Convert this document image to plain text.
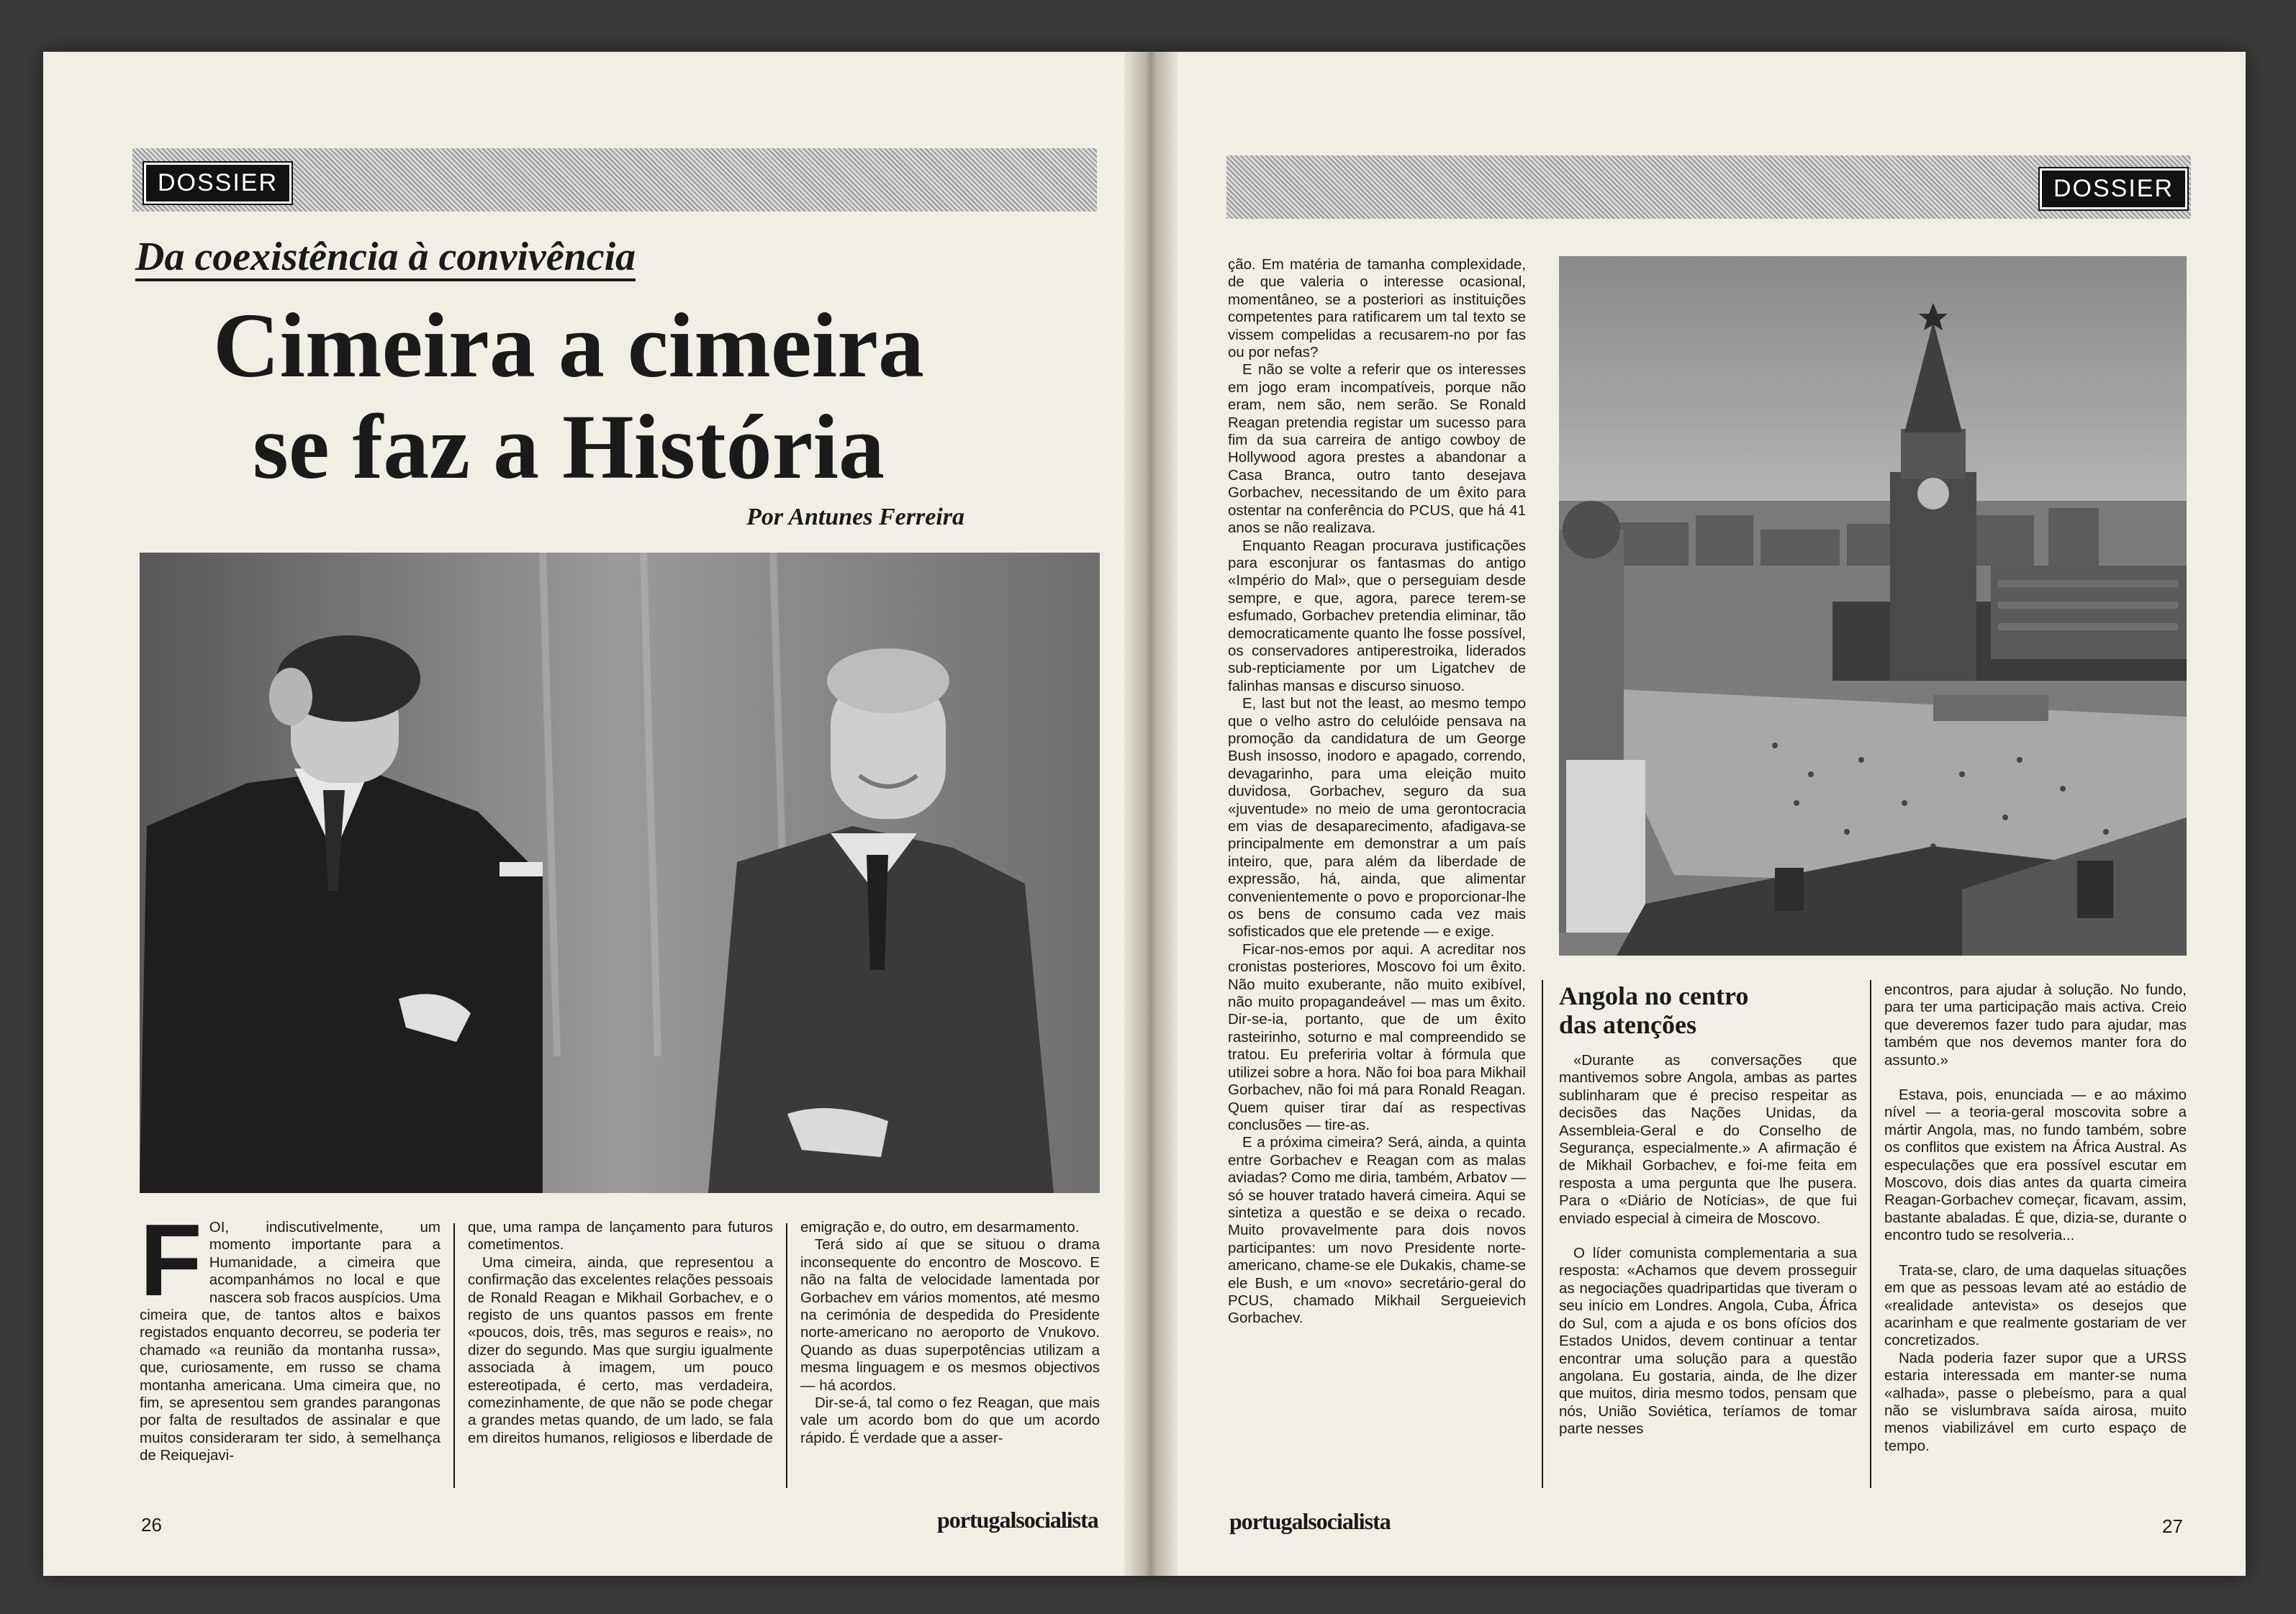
DOSSIER
Da coexistência à convivência
Cimeira a cimeira
se faz a História
Por Antunes Ferreira

FOI, indiscutivelmente, um momento importante para a Humanidade, a cimeira que acompanhámos no local e que nascera sob fracos auspícios. Uma cimeira que, de tantos altos e baixos registados enquanto decorreu, se poderia ter chamado «a reunião da montanha russa», que, curiosamente, em russo se chama montanha americana. Uma cimeira que, no fim, se apresentou sem grandes parangonas por falta de resultados de assinalar e que muitos consideraram ter sido, à semelhança de Reiquejavi-

que, uma rampa de lançamento para futuros cometimentos.

Uma cimeira, ainda, que representou a confirmação das excelentes relações pessoais de Ronald Reagan e Mikhail Gorbachev, e o registo de uns quantos passos em frente «poucos, dois, três, mas seguros e reais», no dizer do segundo. Mas que surgiu igualmente associada à imagem, um pouco estereotipada, é certo, mas verdadeira, comezinhamente, de que não se pode chegar a grandes metas quando, de um lado, se fala em direitos humanos, religiosos e liberdade de

emigração e, do outro, em desarmamento.

Terá sido aí que se situou o drama inconsequente do encontro de Moscovo. E não na falta de velocidade lamentada por Gorbachev em vários momentos, até mesmo na cerimónia de despedida do Presidente norte-americano no aeroporto de Vnukovo. Quando as duas superpotências utilizam a mesma linguagem e os mesmos objectivos — há acordos.

Dir-se-á, tal como o fez Reagan, que mais vale um acordo bom do que um acordo rápido. É verdade que a asser-

26	portugalsocialista
DOSSIER

ção. Em matéria de tamanha complexidade, de que valeria o interesse ocasional, momentâneo, se a posteriori as instituições competentes para ratificarem um tal texto se vissem compelidas a recusarem-no por fas ou por nefas?

E não se volte a referir que os interesses em jogo eram incompatíveis, porque não eram, nem são, nem serão. Se Ronald Reagan pretendia registar um sucesso para fim da sua carreira de antigo cowboy de Hollywood agora prestes a abandonar a Casa Branca, outro tanto desejava Gorbachev, necessitando de um êxito para ostentar na conferência do PCUS, que há 41 anos se não realizava.

Enquanto Reagan procurava justificações para esconjurar os fantasmas do antigo «Império do Mal», que o perseguiam desde sempre, e que, agora, parece terem-se esfumado, Gorbachev pretendia eliminar, tão democraticamente quanto lhe fosse possível, os conservadores antiperestroika, liderados sub-repticiamente por um Ligatchev de falinhas mansas e discurso sinuoso.

E, last but not the least, ao mesmo tempo que o velho astro do celulóide pensava na promoção da candidatura de um George Bush insosso, inodoro e apagado, correndo, devagarinho, para uma eleição muito duvidosa, Gorbachev, seguro da sua «juventude» no meio de uma gerontocracia em vias de desaparecimento, afadigava-se principalmente em demonstrar a um país inteiro, que, para além da liberdade de expressão, há, ainda, que alimentar convenientemente o povo e proporcionar-lhe os bens de consumo cada vez mais sofisticados que ele pretende — e exige.

Ficar-nos-emos por aqui. A acreditar nos cronistas posteriores, Moscovo foi um êxito. Não muito exuberante, não muito exibível, não muito propagandeável — mas um êxito. Dir-se-ia, portanto, que de um êxito rasteirinho, soturno e mal compreendido se tratou. Eu preferiria voltar à fórmula que utilizei sobre a hora. Não foi boa para Mikhail Gorbachev, não foi má para Ronald Reagan. Quem quiser tirar daí as respectivas conclusões — tire-as.

E a próxima cimeira? Será, ainda, a quinta entre Gorbachev e Reagan com as malas aviadas? Como me diria, também, Arbatov — só se houver tratado haverá cimeira. Aqui se sintetiza a questão e se deixa o recado. Muito provavelmente para dois novos participantes: um novo Presidente norte-americano, chame-se ele Dukakis, chame-se ele Bush, e um «novo» secretário-geral do PCUS, chamado Mikhail Sergueievich Gorbachev.

Angola no centro
das atenções

«Durante as conversações que mantivemos sobre Angola, ambas as partes sublinharam que é preciso respeitar as decisões das Nações Unidas, da Assembleia-Geral e do Conselho de Segurança, especialmente.» A afirmação é de Mikhail Gorbachev, e foi-me feita em resposta a uma pergunta que lhe pusera. Para o «Diário de Notícias», de que fui enviado especial à cimeira de Moscovo.

O líder comunista complementaria a sua resposta: «Achamos que devem prosseguir as negociações quadripartidas que tiveram o seu início em Londres. Angola, Cuba, África do Sul, com a ajuda e os bons ofícios dos Estados Unidos, devem continuar a tentar encontrar uma solução para a questão angolana. Eu gostaria, ainda, de lhe dizer que muitos, diria mesmo todos, pensam que nós, União Soviética, teríamos de tomar parte nesses

encontros, para ajudar à solução. No fundo, para ter uma participação mais activa. Creio que deveremos fazer tudo para ajudar, mas também que nos devemos manter fora do assunto.»

Estava, pois, enunciada — e ao máximo nível — a teoria-geral moscovita sobre a mártir Angola, mas, no fundo também, sobre os conflitos que existem na África Austral. As especulações que era possível escutar em Moscovo, dois dias antes da quarta cimeira Reagan-Gorbachev começar, ficavam, assim, bastante abaladas. É que, dizia-se, durante o encontro tudo se resolveria...

Trata-se, claro, de uma daquelas situações em que as pessoas levam até ao estádio de «realidade antevista» os desejos que acarinham e que realmente gostariam de ver concretizados.

Nada poderia fazer supor que a URSS estaria interessada em manter-se numa «alhada», passe o plebeísmo, para a qual não se vislumbrava saída airosa, muito menos viabilizável em curto espaço de tempo.

portugalsocialista	27
